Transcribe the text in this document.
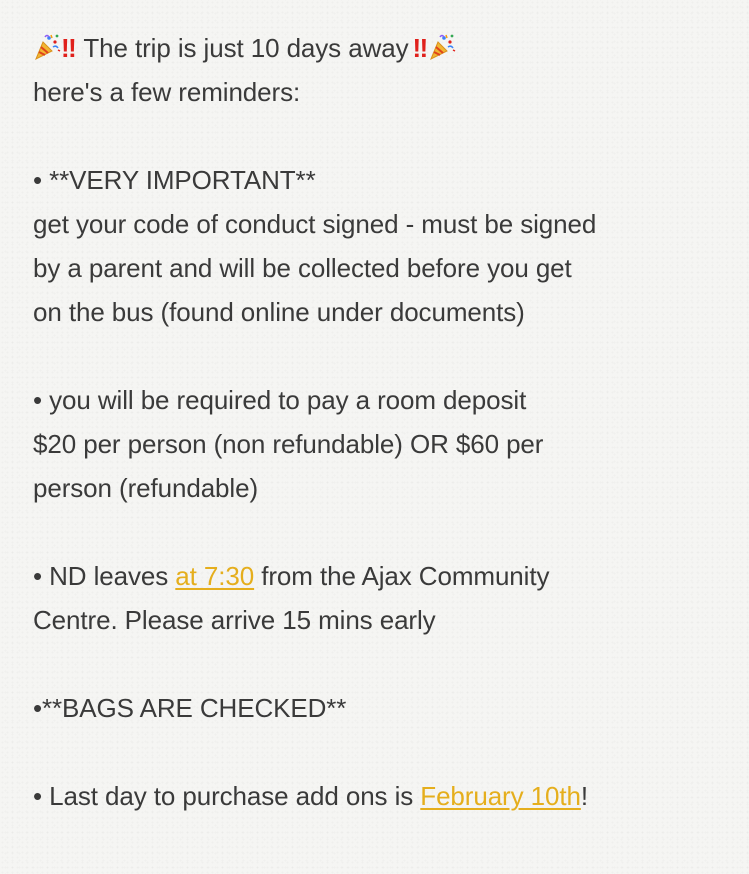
‼ The trip is just 10 days away ‼
here's a few reminders:
• **VERY IMPORTANT**
get your code of conduct signed - must be signed
by a parent and will be collected before you get
on the bus (found online under documents)
• you will be required to pay a room deposit
$20 per person (non refundable) OR $60 per
person (refundable)
• ND leaves at 7:30 from the Ajax Community
Centre. Please arrive 15 mins early
•**BAGS ARE CHECKED**
• Last day to purchase add ons is February 10th!
